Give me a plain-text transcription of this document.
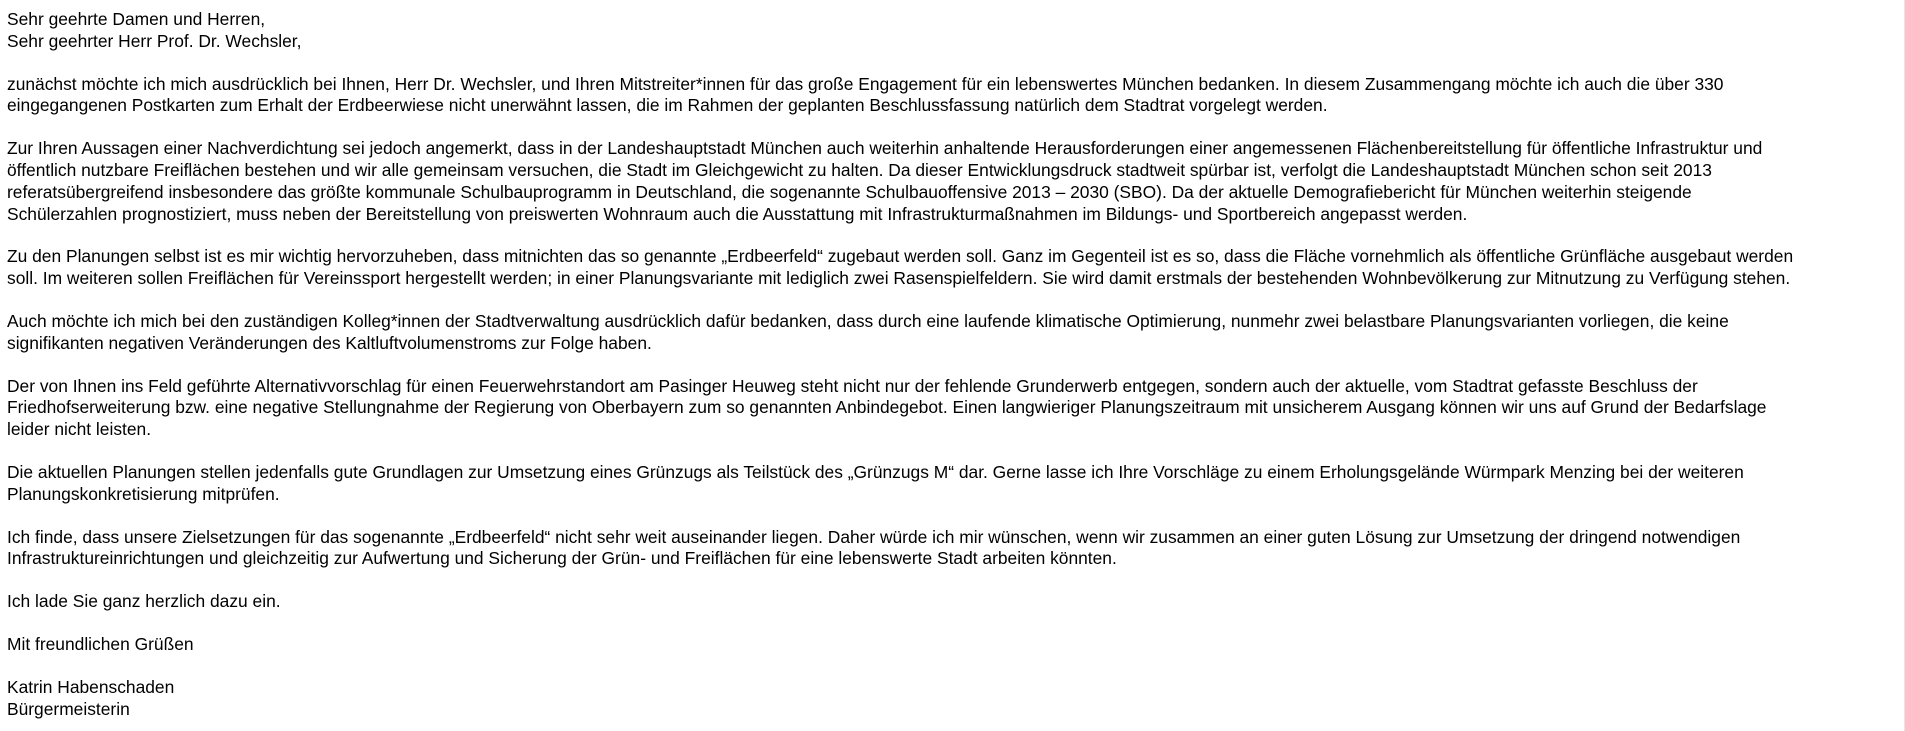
Sehr geehrte Damen und Herren,
Sehr geehrter Herr Prof. Dr. Wechsler,
zunächst möchte ich mich ausdrücklich bei Ihnen, Herr Dr. Wechsler, und Ihren Mitstreiter*innen für das große Engagement für ein lebenswertes München bedanken. In diesem Zusammengang möchte ich auch die über 330
eingegangenen Postkarten zum Erhalt der Erdbeerwiese nicht unerwähnt lassen, die im Rahmen der geplanten Beschlussfassung natürlich dem Stadtrat vorgelegt werden.
Zur Ihren Aussagen einer Nachverdichtung sei jedoch angemerkt, dass in der Landeshauptstadt München auch weiterhin anhaltende Herausforderungen einer angemessenen Flächenbereitstellung für öffentliche Infrastruktur und
öffentlich nutzbare Freiflächen bestehen und wir alle gemeinsam versuchen, die Stadt im Gleichgewicht zu halten. Da dieser Entwicklungsdruck stadtweit spürbar ist, verfolgt die Landeshauptstadt München schon seit 2013
referatsübergreifend insbesondere das größte kommunale Schulbauprogramm in Deutschland, die sogenannte Schulbauoffensive 2013 – 2030 (SBO). Da der aktuelle Demografiebericht für München weiterhin steigende
Schülerzahlen prognostiziert, muss neben der Bereitstellung von preiswerten Wohnraum auch die Ausstattung mit Infrastrukturmaßnahmen im Bildungs- und Sportbereich angepasst werden.
Zu den Planungen selbst ist es mir wichtig hervorzuheben, dass mitnichten das so genannte „Erdbeerfeld“ zugebaut werden soll. Ganz im Gegenteil ist es so, dass die Fläche vornehmlich als öffentliche Grünfläche ausgebaut werden
soll. Im weiteren sollen Freiflächen für Vereinssport hergestellt werden; in einer Planungsvariante mit lediglich zwei Rasenspielfeldern. Sie wird damit erstmals der bestehenden Wohnbevölkerung zur Mitnutzung zu Verfügung stehen.
Auch möchte ich mich bei den zuständigen Kolleg*innen der Stadtverwaltung ausdrücklich dafür bedanken, dass durch eine laufende klimatische Optimierung, nunmehr zwei belastbare Planungsvarianten vorliegen, die keine
signifikanten negativen Veränderungen des Kaltluftvolumenstroms zur Folge haben.
Der von Ihnen ins Feld geführte Alternativvorschlag für einen Feuerwehrstandort am Pasinger Heuweg steht nicht nur der fehlende Grunderwerb entgegen, sondern auch der aktuelle, vom Stadtrat gefasste Beschluss der
Friedhofserweiterung bzw. eine negative Stellungnahme der Regierung von Oberbayern zum so genannten Anbindegebot. Einen langwieriger Planungszeitraum mit unsicherem Ausgang können wir uns auf Grund der Bedarfslage
leider nicht leisten.
Die aktuellen Planungen stellen jedenfalls gute Grundlagen zur Umsetzung eines Grünzugs als Teilstück des „Grünzugs M“ dar. Gerne lasse ich Ihre Vorschläge zu einem Erholungsgelände Würmpark Menzing bei der weiteren
Planungskonkretisierung mitprüfen.
Ich finde, dass unsere Zielsetzungen für das sogenannte „Erdbeerfeld“ nicht sehr weit auseinander liegen. Daher würde ich mir wünschen, wenn wir zusammen an einer guten Lösung zur Umsetzung der dringend notwendigen
Infrastruktureinrichtungen und gleichzeitig zur Aufwertung und Sicherung der Grün- und Freiflächen für eine lebenswerte Stadt arbeiten könnten.
Ich lade Sie ganz herzlich dazu ein.
Mit freundlichen Grüßen
Katrin Habenschaden
Bürgermeisterin
